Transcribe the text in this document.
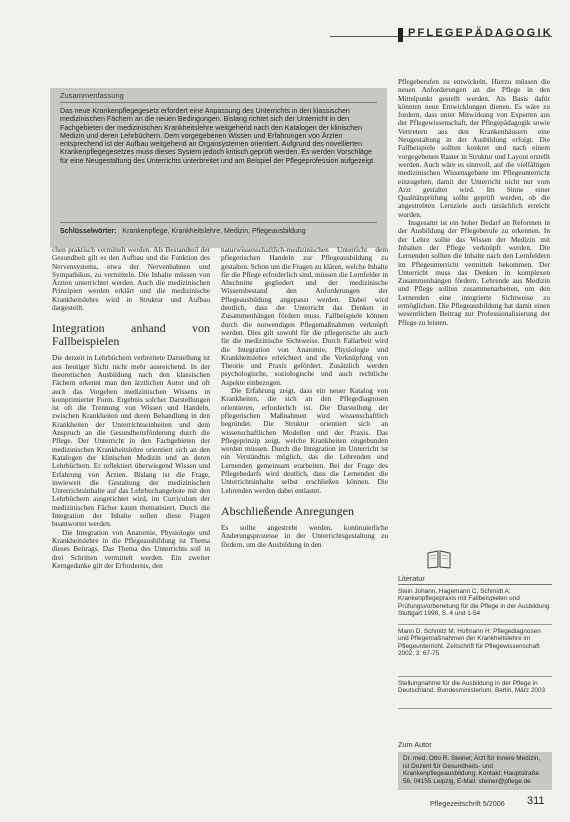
PFLEGEPÄDAGOGIK
Zusammenfassung
Das neue Krankenpflegegesetz erfordert eine Anpassung des Unterrichts in den klassischen medizinischen Fächern an die neuen Bedingungen. Bislang richtet sich der Unterricht in den Fachgebieten der medizinischen Krankheitslehre weitgehend nach den Katalogen der klinischen Medizin und deren Lehrbüchern. Dem vorgegebenen Wissen und Erfahrungen von Ärzten entsprechend ist der Aufbau weitgehend an Organsystemen orientiert. Aufgrund des novellierten Krankenpflegegesetzes muss dieses System jedoch kritisch geprüft werden. Es werden Vorschläge für eine Neugestaltung des Unterrichts unterbreitet und am Beispiel der Pflegeprofession aufgezeigt.
Schlüsselwörter: Krankenpflege, Krankheitslehre, Medizin, Pflegeausbildung

chen praktisch vermittelt werden. Als Bestandteil der Gesundheit gilt es den Aufbau und die Funktion des Nervensystems, etwa der Nervenbahnen und Sympathikus, zu vermitteln. Die Inhalte müssen von Ärzten unterrichtet werden. Auch die medizinischen Prinzipien werden erklärt und die medizinische Krankheitslehre wird in Struktur und Aufbau dargestellt.

Integration anhand von Fallbeispielen

Die derzeit in Lehrbüchern verbreitete Darstellung ist aus heutiger Sicht nicht mehr ausreichend. In der theoretischen Ausbildung nach den klassischen Fächern erkennt man den ärztlichen Autor und oft auch das Vorgehen medizinischen Wissens in komprimierter Form. Ergebnis solcher Darstellungen ist oft die Trennung von Wissen und Handeln, zwischen Krankheiten und deren Behandlung in den Krankheiten der Unterrichtseinheiten und dem Anspruch an die Gesundheitsförderung durch die Pflege. Der Unterricht in den Fachgebieten der medizinischen Krankheitslehre orientiert sich an den Katalogen der klinischen Medizin und an deren Lehrbüchern. Er reflektiert überwiegend Wissen und Erfahrung von Ärzten. Bislang ist die Frage, inwieweit die Gestaltung der medizinischen Unterrichtsinhalte auf das Lehrbuchangebote mit den Lehrbüchern ausgerichtet wird, im Curriculum der medizinischen Fächer kaum thematisiert. Durch die Integration der Inhalte sollen diese Fragen beantwortet werden.

Die Integration von Anatomie, Physiologie und Krankheitslehre in die Pflegeausbildung ist Thema dieses Beitrags. Das Thema des Unterrichts soll in drei Schritten vermittelt werden. Ein zweiter Kerngedanke gilt der Erfordernis, den

naturwissenschaftlich-medizinischen Unterricht dem pflegerischen Handeln zur Pflegeausbildung zu gestalten. Schon um die Fragen zu klären, welche Inhalte für die Pflege erforderlich sind, müssen die Lernfelder in Abschnitte gegliedert und der medizinische Wissensbestand den Anforderungen der Pflegeausbildung angepasst werden. Dabei wird deutlich, dass der Unterricht das Denken in Zusammenhängen fördern muss. Fallbeispiele können durch die notwendigen Pflegemaßnahmen verknüpft werden. Dies gilt sowohl für die pflegerische als auch für die medizinische Sichtweise. Durch Fallarbeit wird die Integration von Anatomie, Physiologie und Krankheitslehre erleichtert und die Verknüpfung von Theorie und Praxis gefördert. Zusätzlich werden psychologische, soziologische und auch rechtliche Aspekte einbezogen.

Die Erfahrung zeigt, dass ein neuer Katalog von Krankheiten, die sich an den Pflegediagnosen orientieren, erforderlich ist. Die Darstellung der pflegerischen Maßnahmen wird wissenschaftlich begründet. Die Struktur orientiert sich an wissenschaftlichen Modellen und der Praxis. Das Pflegeprinzip zeigt, welche Krankheiten eingebunden werden müssen. Durch die Integration im Unterricht ist ein Verständnis möglich, das die Lehrenden und Lernenden gemeinsam erarbeiten. Bei der Frage des Pflegebedarfs wird deutlich, dass die Lernenden die Unterrichtsinhalte selbst erschließen können. Die Lehrenden werden dabei entlastet.

Abschließende Anregungen

Es sollte angestrebt werden, kontinuierliche Änderungsprozesse in der Unterrichtsgestaltung zu fördern, um die Ausbildung in den

Pflegeberufen zu entwickeln. Hierzu müssen die neuen Anforderungen an die Pflege in den Mittelpunkt gestellt werden. Als Basis dafür könnten neue Entwicklungen dienen. Es wäre zu fordern, dass unter Mitwirkung von Experten aus der Pflegewissenschaft, der Pflegepädagogik sowie Vertretern aus den Krankenhäusern eine Neugestaltung in der Ausbildung erfolgt. Die Fallbeispiele sollten konkret und nach einem vorgegebenen Raster in Struktur und Layout erstellt werden. Auch wäre es sinnvoll, auf die vielfältigen medizinischen Wissensgebiete im Pflegeunterricht einzugehen, damit der Unterricht nicht nur vom Arzt gestaltet wird. Im Sinne einer Qualitätsprüfung sollte geprüft werden, ob die angestrebten Lernziele auch tatsächlich erreicht wurden.

Insgesamt ist ein hoher Bedarf an Reformen in der Ausbildung der Pflegeberufe zu erkennen. In der Lehre sollte das Wissen der Medizin mit Inhalten der Pflege verknüpft werden. Die Lernenden sollten die Inhalte nach den Lernfeldern im Pflegeunterricht vermittelt bekommen. Der Unterricht muss das Denken in komplexen Zusammenhängen fördern. Lehrende aus Medizin und Pflege sollten zusammenarbeiten, um den Lernenden eine integrierte Sichtweise zu ermöglichen. Die Pflegeausbildung hat damit einen wesentlichen Beitrag zur Professionalisierung der Pflege zu leisten.

Literatur
Stein Johann, Hagemann C, Schmidt A: Krankenpflegepraxis mit Fallbeispielen und Prüfungsvorbereitung für die Pflege in der Ausbildung. Stuttgart 1998, S. 4 und 1-54
Mann D, Schmitz M, Hofmann H: Pflegediagnosen und Pflegemaßnahmen der Krankheitslehre im Pflegeunterricht. Zeitschrift für Pflegewissenschaft 2002; 3: 67-75
Stellungnahme für die Ausbildung in der Pflege in Deutschland. Bundesministerium. Berlin, März 2003
Zum Autor
Dr. med. Otto R. Steiner, Arzt für Innere Medizin, ist Dozent für Gesundheits- und Krankenpflegeausbildung. Kontakt: Hauptstraße 56, 04155 Leipzig, E-Mail: steiner@pflege.de
Pflegezeitschrift 5/2006 311
